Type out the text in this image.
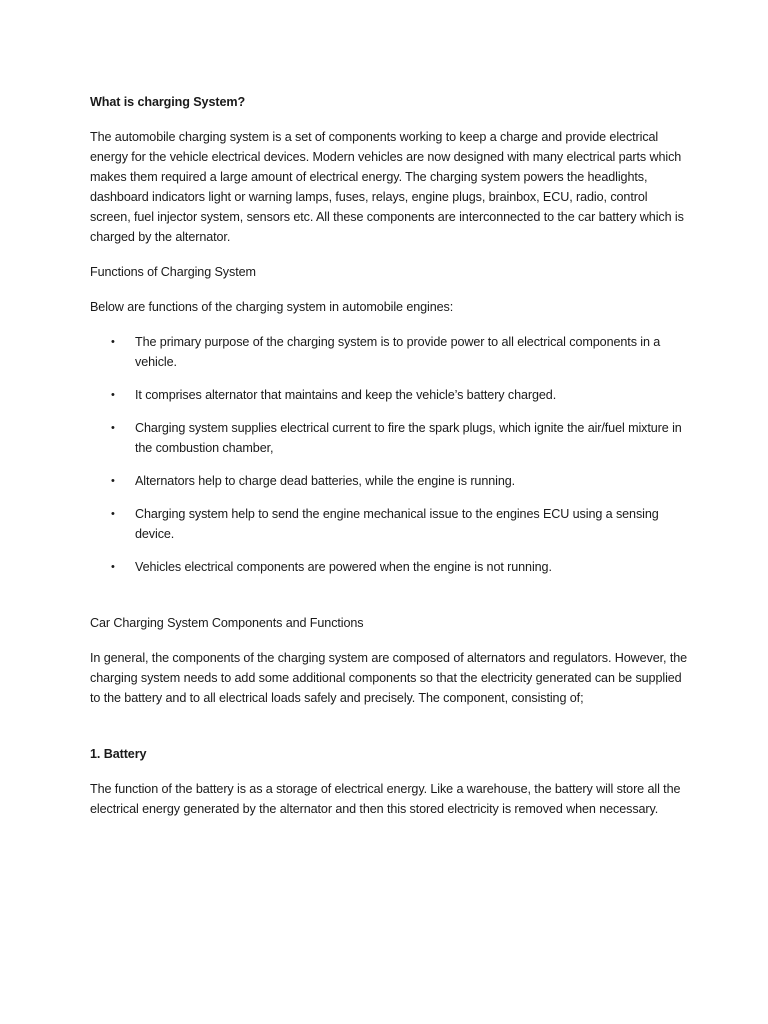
What is charging System?

The automobile charging system is a set of components working to keep a charge and provide electrical energy for the vehicle electrical devices. Modern vehicles are now designed with many electrical parts which makes them required a large amount of electrical energy. The charging system powers the headlights, dashboard indicators light or warning lamps, fuses, relays, engine plugs, brainbox, ECU, radio, control screen, fuel injector system, sensors etc. All these components are interconnected to the car battery which is charged by the alternator.

Functions of Charging System

Below are functions of the charging system in automobile engines:

• The primary purpose of the charging system is to provide power to all electrical components in a vehicle.
• It comprises alternator that maintains and keep the vehicle’s battery charged.
• Charging system supplies electrical current to fire the spark plugs, which ignite the air/fuel mixture in the combustion chamber,
• Alternators help to charge dead batteries, while the engine is running.
• Charging system help to send the engine mechanical issue to the engines ECU using a sensing device.
• Vehicles electrical components are powered when the engine is not running.

Car Charging System Components and Functions

In general, the components of the charging system are composed of alternators and regulators. However, the charging system needs to add some additional components so that the electricity generated can be supplied to the battery and to all electrical loads safely and precisely. The component, consisting of;

1. Battery

The function of the battery is as a storage of electrical energy. Like a warehouse, the battery will store all the electrical energy generated by the alternator and then this stored electricity is removed when necessary.
